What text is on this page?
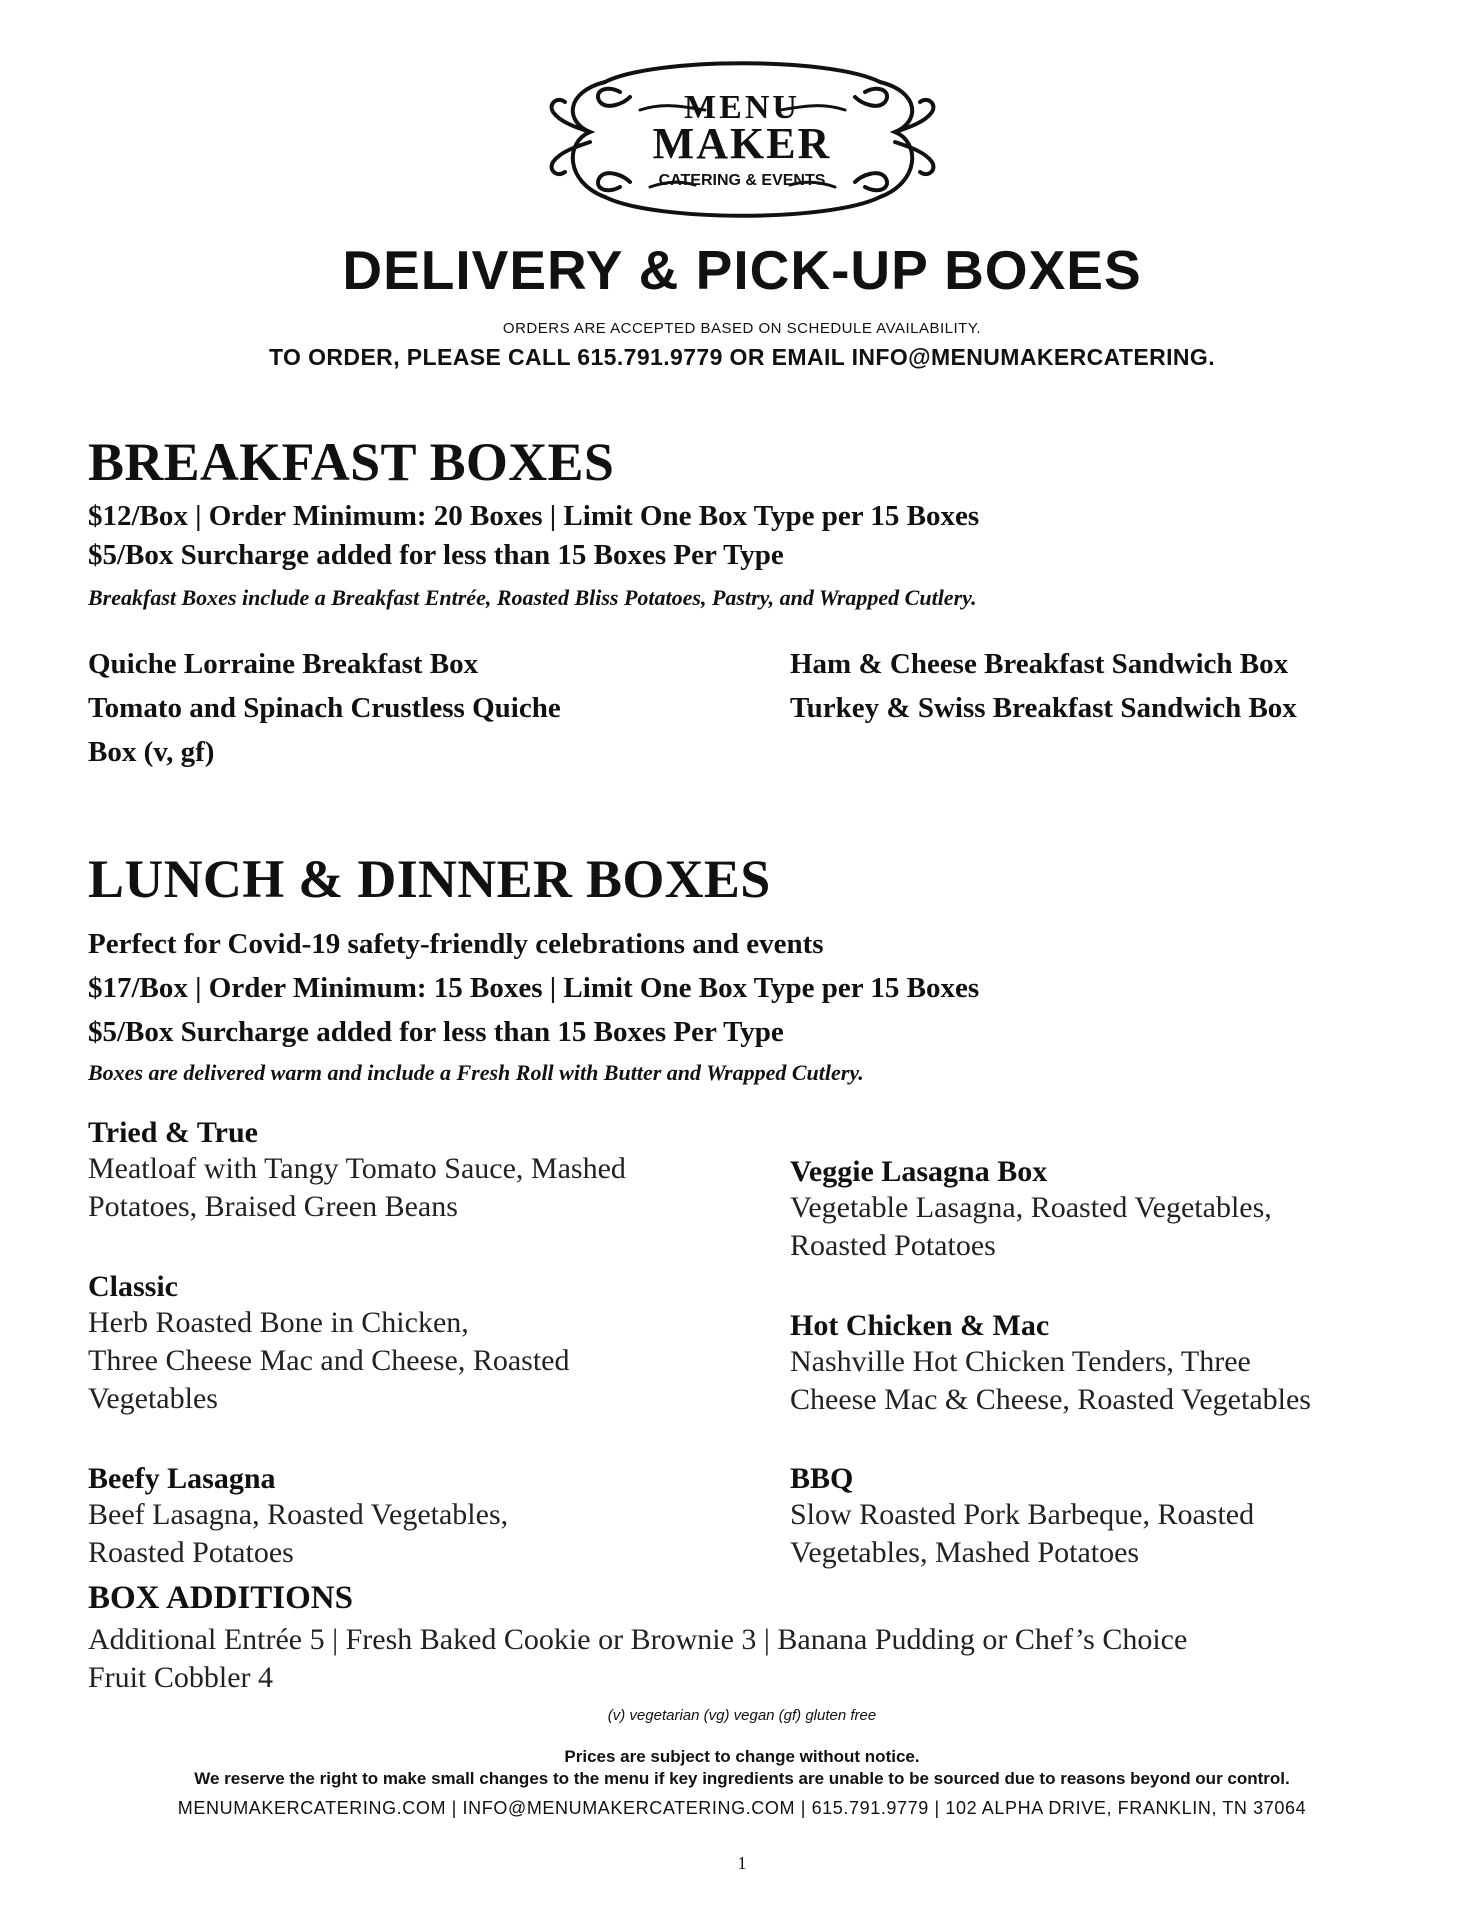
MENU
MAKER
CATERING & EVENTS
DELIVERY & PICK-UP BOXES
ORDERS ARE ACCEPTED BASED ON SCHEDULE AVAILABILITY.
TO ORDER, PLEASE CALL 615.791.9779 OR EMAIL INFO@MENUMAKERCATERING.
BREAKFAST BOXES
$12/Box | Order Minimum: 20 Boxes | Limit One Box Type per 15 Boxes
$5/Box Surcharge added for less than 15 Boxes Per Type
Breakfast Boxes include a Breakfast Entrée, Roasted Bliss Potatoes, Pastry, and Wrapped Cutlery.
Quiche Lorraine Breakfast Box
Tomato and Spinach Crustless Quiche
Box (v, gf)
Ham & Cheese Breakfast Sandwich Box
Turkey & Swiss Breakfast Sandwich Box
LUNCH & DINNER BOXES
Perfect for Covid-19 safety-friendly celebrations and events
$17/Box | Order Minimum: 15 Boxes | Limit One Box Type per 15 Boxes
$5/Box Surcharge added for less than 15 Boxes Per Type
Boxes are delivered warm and include a Fresh Roll with Butter and Wrapped Cutlery.
Tried & True
Meatloaf with Tangy Tomato Sauce, Mashed
Potatoes, Braised Green Beans
Veggie Lasagna Box
Vegetable Lasagna, Roasted Vegetables,
Roasted Potatoes
Classic
Herb Roasted Bone in Chicken,
Three Cheese Mac and Cheese, Roasted
Vegetables
Hot Chicken & Mac
Nashville Hot Chicken Tenders, Three
Cheese Mac & Cheese, Roasted Vegetables
Beefy Lasagna
Beef Lasagna, Roasted Vegetables,
Roasted Potatoes
BBQ
Slow Roasted Pork Barbeque, Roasted
Vegetables, Mashed Potatoes
BOX ADDITIONS
Additional Entrée 5 | Fresh Baked Cookie or Brownie 3 | Banana Pudding or Chef’s Choice
Fruit Cobbler 4
(v) vegetarian (vg) vegan (gf) gluten free
Prices are subject to change without notice.
We reserve the right to make small changes to the menu if key ingredients are unable to be sourced due to reasons beyond our control.
MENUMAKERCATERING.COM | INFO@MENUMAKERCATERING.COM | 615.791.9779 | 102 ALPHA DRIVE, FRANKLIN, TN 37064
1
